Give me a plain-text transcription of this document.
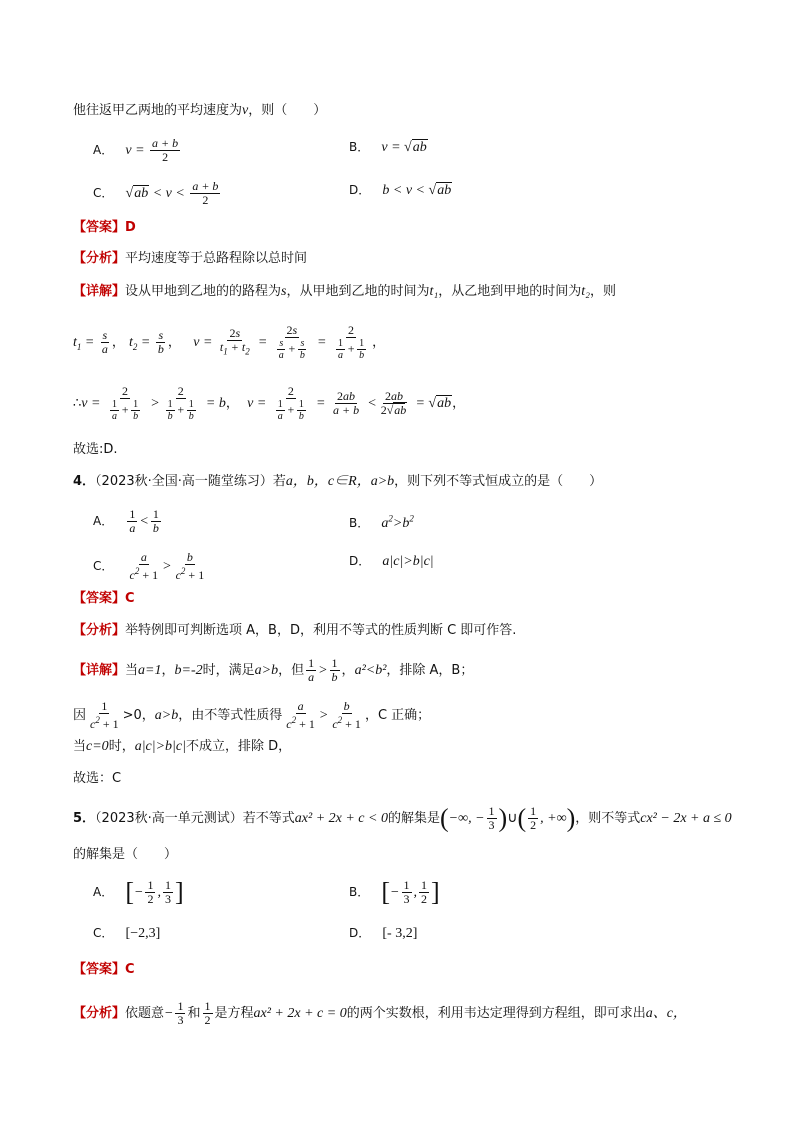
他往返甲乙两地的平均速度为v，则（　　）
A． $v = \frac{a + b}{2}$	B． v = √ab
C． $√ab < v < \frac{a + b}{2}$	D． b < v < √ab
【答案】D
【分析】平均速度等于总路程除以总时间
【详解】设从甲地到乙地的的路程为s，从甲地到乙地的时间为t₁，从乙地到甲地的时间为t₂，则
$t_1 = \frac{s}{a}$ ， $t_2 = \frac{s}{b}$ ，   $v = \frac{2s}{t_1 + t_2} = \frac{2s}{\frac{s}{a} + \frac{s}{b}} = \frac{2}{\frac{1}{a} + \frac{1}{b}}$ ，
∴v = $\frac{2}{\frac{1}{a} + \frac{1}{b}} > \frac{2}{\frac{1}{b} + \frac{1}{b}} = b$，  $v = \frac{2}{\frac{1}{a} + \frac{1}{b}} = \frac{2ab}{a + b} < \frac{2ab}{2√ab} = √ab$，
故选:D.
4．（2023秋·全国·高一随堂练习）若a，b，c∈R，a>b，则下列不等式恒成立的是（　　）
A． $\frac{1}{a} < \frac{1}{b}$	B． $a^2>b^2$
C． $\frac{a}{c^2 + 1} > \frac{b}{c^2 + 1}$	D． a|c|>b|c|
【答案】C
【分析】举特例即可判断选项 A，B，D，利用不等式的性质判断 C 即可作答.
【详解】当a=1，b=-2时，满足a>b，但 $\frac{1}{a} > \frac{1}{b}$ ，a²<b²，排除 A，B；
因 $\frac{1}{c^2 + 1} >0$，a>b，由不等式性质得 $\frac{a}{c^2 + 1} > \frac{b}{c^2 + 1}$ ，C 正确；
当c=0时，a|c|>b|c|不成立，排除 D，
故选：C
5．（2023秋·高一单元测试）若不等式ax² + 2x + c < 0的解集是(−∞, − $\frac{1}{3}$ )∪( $\frac{1}{2}$ , +∞)，则不等式cx² − 2x + a ≤ 0
的解集是（　　）
A． [− $\frac{1}{2}$ , $\frac{1}{3}$ ]	B． [− $\frac{1}{3}$ , $\frac{1}{2}$ ]
C． [−2,3]	D． [- 3,2]
【答案】C
【分析】依题意− $\frac{1}{3}$ 和 $\frac{1}{2}$ 是方程ax² + 2x + c = 0的两个实数根，利用韦达定理得到方程组，即可求出a、c，
